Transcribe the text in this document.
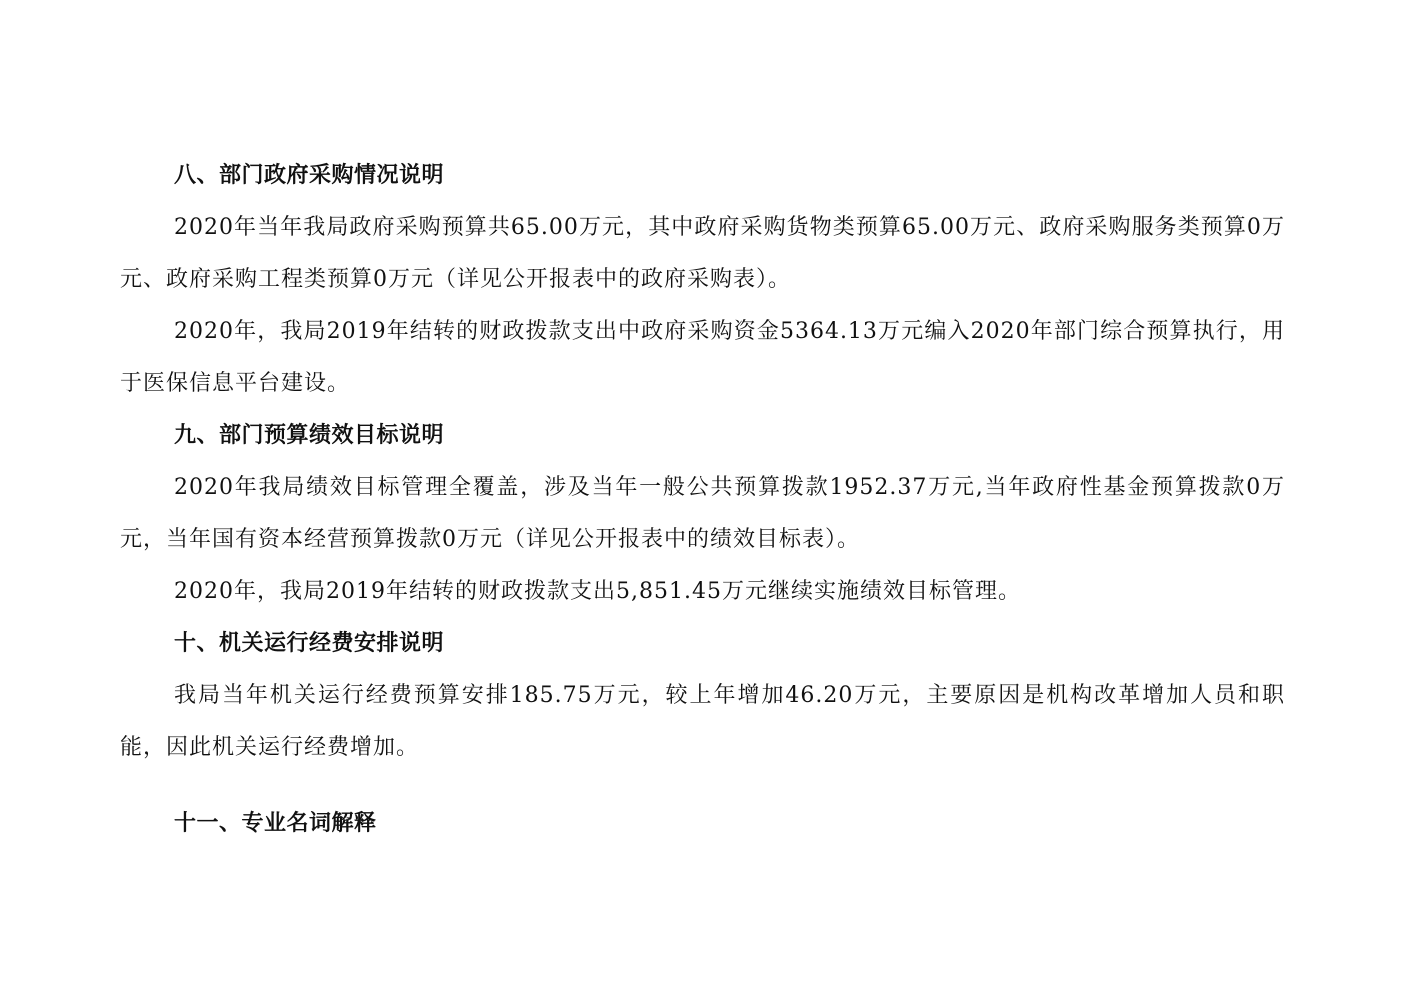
八、部门政府采购情况说明

2020年当年我局政府采购预算共65.00万元，其中政府采购货物类预算65.00万元、政府采购服务类预算0万元、政府采购工程类预算0万元（详见公开报表中的政府采购表）。

2020年，我局2019年结转的财政拨款支出中政府采购资金5364.13万元编入2020年部门综合预算执行，用于医保信息平台建设。

九、部门预算绩效目标说明

2020年我局绩效目标管理全覆盖，涉及当年一般公共预算拨款1952.37万元,当年政府性基金预算拨款0万元，当年国有资本经营预算拨款0万元（详见公开报表中的绩效目标表）。

2020年，我局2019年结转的财政拨款支出5,851.45万元继续实施绩效目标管理。

十、机关运行经费安排说明

我局当年机关运行经费预算安排185.75万元，较上年增加46.20万元，主要原因是机构改革增加人员和职能，因此机关运行经费增加。

十一、专业名词解释
